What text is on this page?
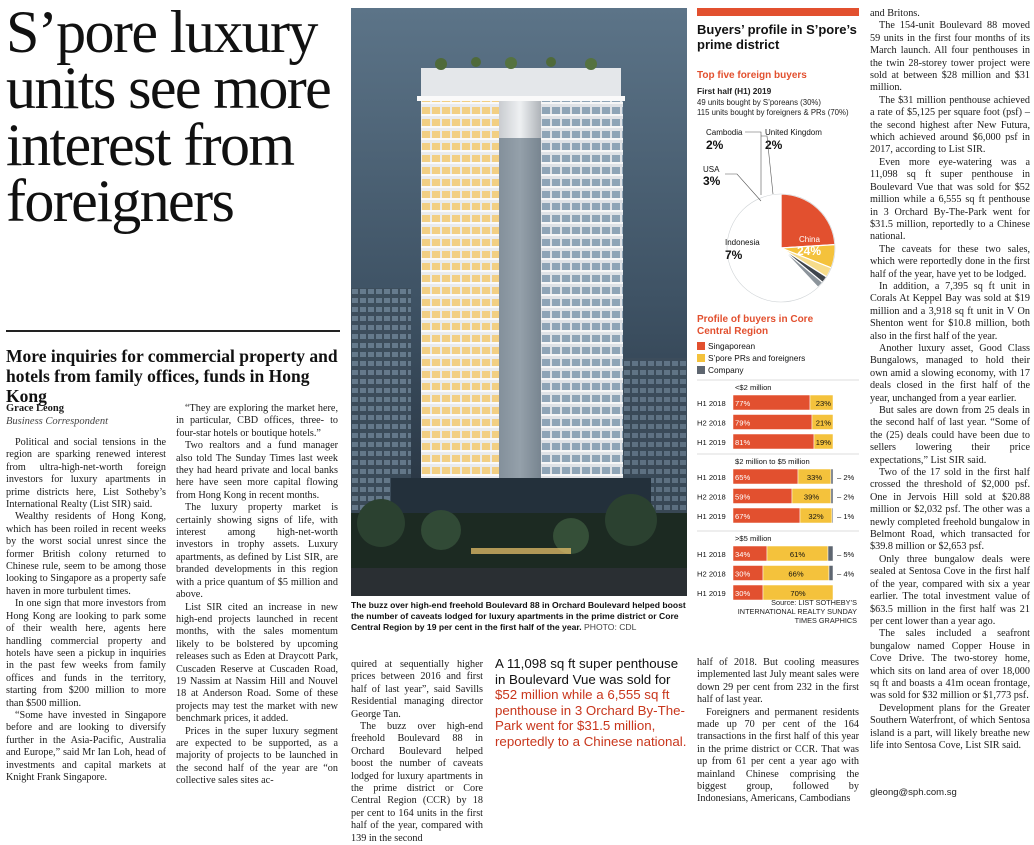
S’pore luxury units see more interest from foreigners
More inquiries for commercial property and hotels from family offices, funds in Hong Kong
Grace Leong
Business Correspondent

Political and social tensions in the region are sparking renewed interest from ultra-high-net-worth foreign investors for luxury apartments in prime districts here, List Sotheby’s International Realty (List SIR) said.

Wealthy residents of Hong Kong, which has been roiled in recent weeks by the worst social unrest since the former British colony returned to Chinese rule, seem to be among those looking to Singapore as a property safe haven in more turbulent times.

In one sign that more investors from Hong Kong are looking to park some of their wealth here, agents here handling commercial property and hotels have seen a pickup in inquiries in the past few weeks from family offices and funds in the territory, starting from $200 million to more than $500 million.

“Some have invested in Singapore before and are looking to diversify further in the Asia-Pacific, Australia and Europe,” said Mr Ian Loh, head of investments and capital markets at Knight Frank Singapore.

“They are exploring the market here, in particular, CBD offices, three- to four-star hotels or boutique hotels.”

Two realtors and a fund manager also told The Sunday Times last week they had heard private and local banks here have seen more capital flowing from Hong Kong in recent months.

The luxury property market is certainly showing signs of life, with interest among high-net-worth investors in trophy assets. Luxury apartments, as defined by List SIR, are branded developments in this region with a price quantum of $5 million and above.

List SIR cited an increase in new high-end projects launched in recent months, with the sales momentum likely to be bolstered by upcoming releases such as Eden at Draycott Park, Cuscaden Reserve at Cuscaden Road, 19 Nassim at Nassim Hill and Nouvel 18 at Anderson Road. Some of these projects may test the market with new benchmark prices, it added.

Prices in the super luxury segment are expected to be supported, as a majority of projects to be launched in the second half of the year are “on collective sales sites ac-

quired at sequentially higher prices between 2016 and first half of last year”, said Savills Residential managing director George Tan.

The buzz over high-end freehold Boulevard 88 in Orchard Boulevard helped boost the number of caveats lodged for luxury apartments in the prime district or Core Central Region (CCR) by 18 per cent to 164 units in the first half of the year, compared with 139 in the second

half of 2018. But cooling measures implemented last July meant sales were down 29 per cent from 232 in the first half of last year.

Foreigners and permanent residents made up 70 per cent of the 164 transactions in the first half of this year in the prime district or CCR. That was up from 61 per cent a year ago with mainland Chinese comprising the biggest group, followed by Indonesians, Americans, Cambodians

and Britons.

The 154-unit Boulevard 88 moved 59 units in the first four months of its March launch. All four penthouses in the twin 28-storey tower project were sold at between $28 million and $31 million.

The $31 million penthouse achieved a rate of $5,125 per square foot (psf) – the second highest after New Futura, which achieved around $6,000 psf in 2017, according to List SIR.

Even more eye-watering was a 11,098 sq ft super penthouse in Boulevard Vue that was sold for $52 million while a 6,555 sq ft penthouse in 3 Orchard By-The-Park went for $31.5 million, reportedly to a Chinese national.

The caveats for these two sales, which were reportedly done in the first half of the year, have yet to be lodged.

In addition, a 7,395 sq ft unit in Corals At Keppel Bay was sold at $19 million and a 3,918 sq ft unit in V On Shenton went for $10.8 million, both also in the first half of the year.

Another luxury asset, Good Class Bungalows, managed to hold their own amid a slowing economy, with 17 deals closed in the first half of the year, unchanged from a year earlier.

But sales are down from 25 deals in the second half of last year. “Some of the (25) deals could have been due to sellers lowering their price expectations,” List SIR said.

Two of the 17 sold in the first half crossed the threshold of $2,000 psf. One in Jervois Hill sold at $20.88 million or $2,032 psf. The other was a newly completed freehold bungalow in Belmont Road, which transacted for $39.8 million or $2,653 psf.

Only three bungalow deals were sealed at Sentosa Cove in the first half of the year, compared with six a year earlier. The total investment value of $63.5 million in the first half was 21 per cent lower than a year ago.

The sales included a seafront bungalow named Copper House in Cove Drive. The two-storey home, which sits on land area of over 18,000 sq ft and boasts a 41m ocean frontage, was sold for $32 million or $1,773 psf.

Development plans for the Greater Southern Waterfront, of which Sentosa island is a part, will likely breathe new life into Sentosa Cove, List SIR said.

The buzz over high-end freehold Boulevard 88 in Orchard Boulevard helped boost the number of caveats lodged for luxury apartments in the prime district or Core Central Region by 19 per cent in the first half of the year. PHOTO: CDL
A 11,098 sq ft super penthouse in Boulevard Vue was sold for $52 million while a 6,555 sq ft penthouse in 3 Orchard By-The-Park went for $31.5 million, reportedly to a Chinese national.
Buyers’ profile in S’pore’s prime district
Top five foreign buyers
First half (H1) 2019
49 units bought by S’poreans (30%)
115 units bought by foreigners & PRs (70%)
China
24%
Indonesia
7%
USA
3%
Cambodia
2%
United Kingdom
2%
Profile of buyers in Core Central Region
Singaporean
S’pore PRs and foreigners
Company
<$2 million
H1 2018 77%	23%
H2 2018 79%	21%
H1 2019 81%	19%
$2 million to $5 million
H1 2018 65%	33% – 2%
H2 2018 59%	39% – 2%
H1 2019 67%	32% – 1%
>$5 million
H1 2018 34%	61%	– 5%
H2 2018 30%	66%	– 4%
H1 2019 30%	70%
Source: LIST SOTHEBY’S INTERNATIONAL REALTY SUNDAY TIMES GRAPHICS
gleong@sph.com.sg
